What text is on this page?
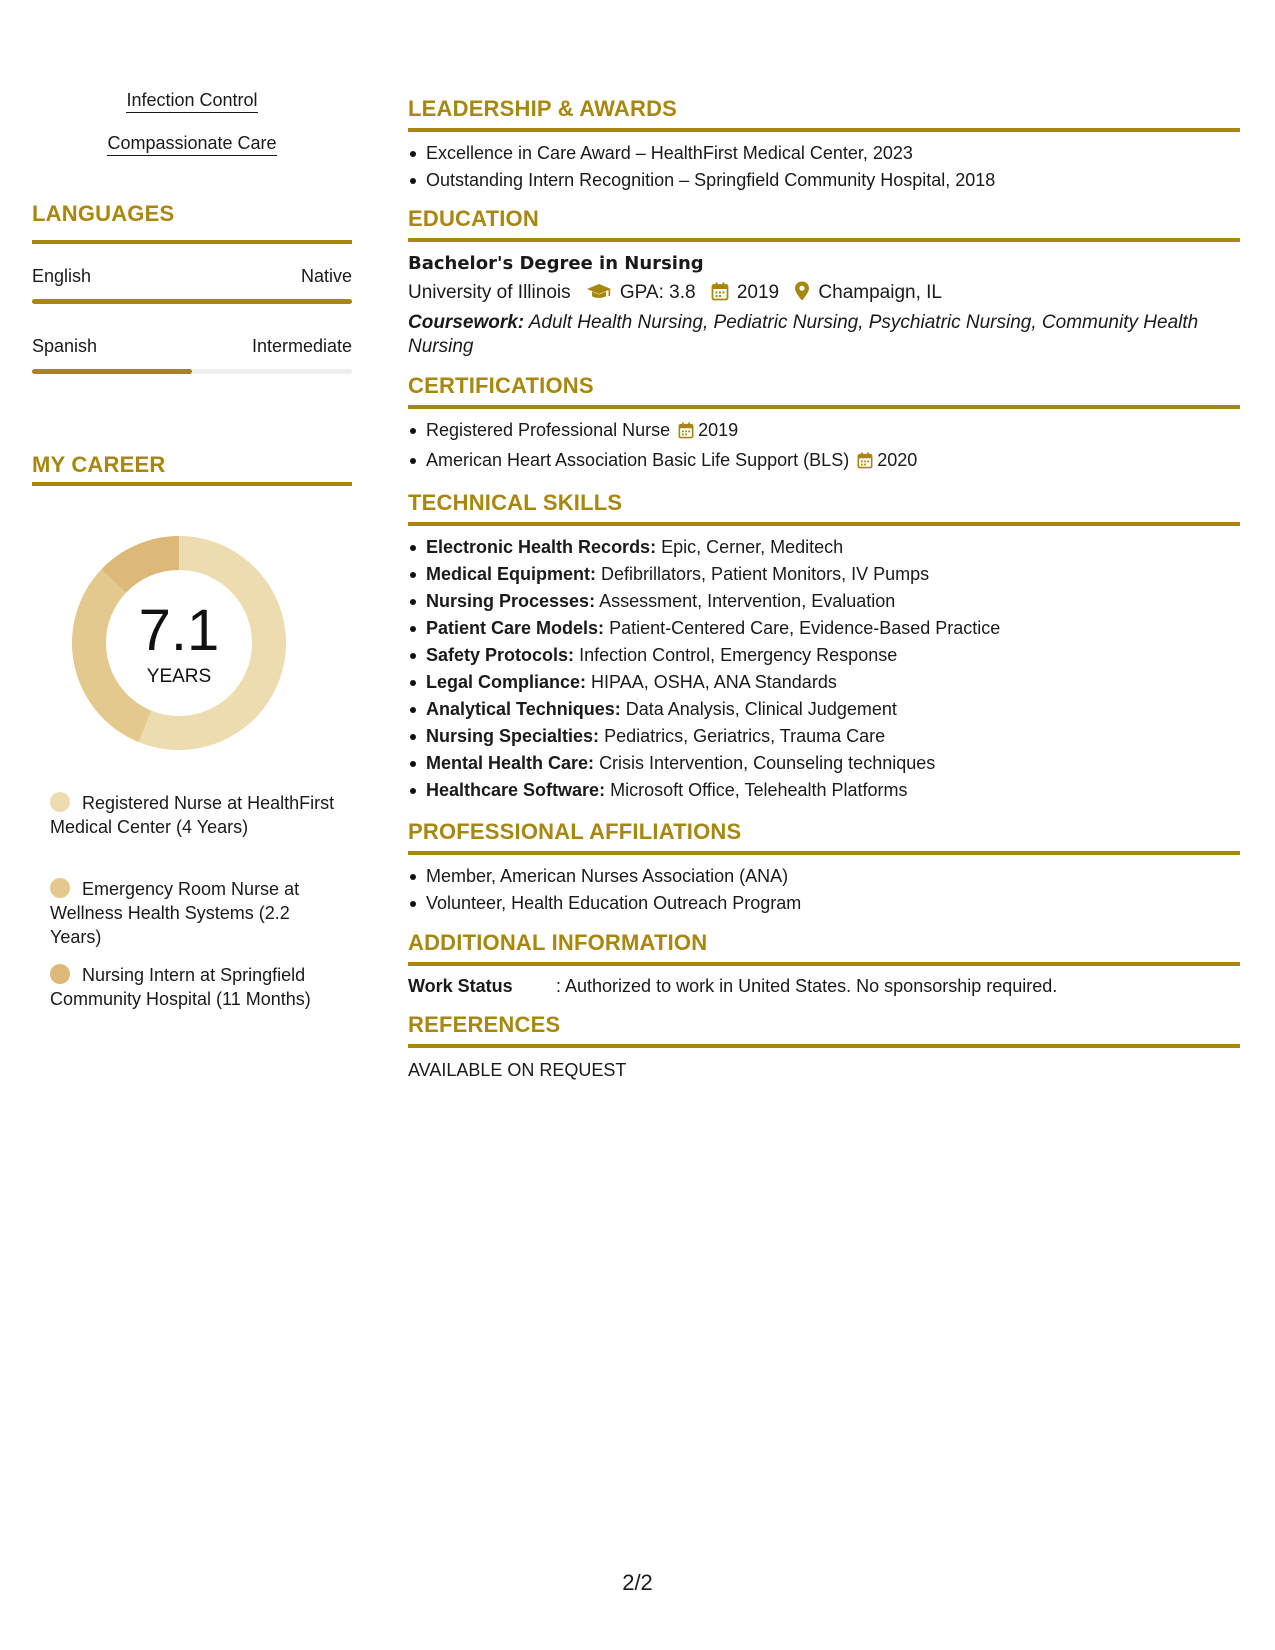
Infection Control
Compassionate Care
LANGUAGES
English	Native
Spanish	Intermediate
MY CAREER
7.1
YEARS
Registered Nurse at HealthFirst Medical Center (4 Years)
Emergency Room Nurse at Wellness Health Systems (2.2 Years)
Nursing Intern at Springfield Community Hospital (11 Months)
LEADERSHIP & AWARDS
Excellence in Care Award – HealthFirst Medical Center, 2023
Outstanding Intern Recognition – Springfield Community Hospital, 2018
EDUCATION
Bachelor's Degree in Nursing
University of Illinois	GPA: 3.8 2019 Champaign, IL
Coursework: Adult Health Nursing, Pediatric Nursing, Psychiatric Nursing, Community Health Nursing
CERTIFICATIONS
Registered Professional Nurse 2019
American Heart Association Basic Life Support (BLS) 2020
TECHNICAL SKILLS
Electronic Health Records: Epic, Cerner, Meditech
Medical Equipment: Defibrillators, Patient Monitors, IV Pumps
Nursing Processes: Assessment, Intervention, Evaluation
Patient Care Models: Patient-Centered Care, Evidence-Based Practice
Safety Protocols: Infection Control, Emergency Response
Legal Compliance: HIPAA, OSHA, ANA Standards
Analytical Techniques: Data Analysis, Clinical Judgement
Nursing Specialties: Pediatrics, Geriatrics, Trauma Care
Mental Health Care: Crisis Intervention, Counseling techniques
Healthcare Software: Microsoft Office, Telehealth Platforms
PROFESSIONAL AFFILIATIONS
Member, American Nurses Association (ANA)
Volunteer, Health Education Outreach Program
ADDITIONAL INFORMATION
Work Status : Authorized to work in United States. No sponsorship required.
REFERENCES
AVAILABLE ON REQUEST
2/2
